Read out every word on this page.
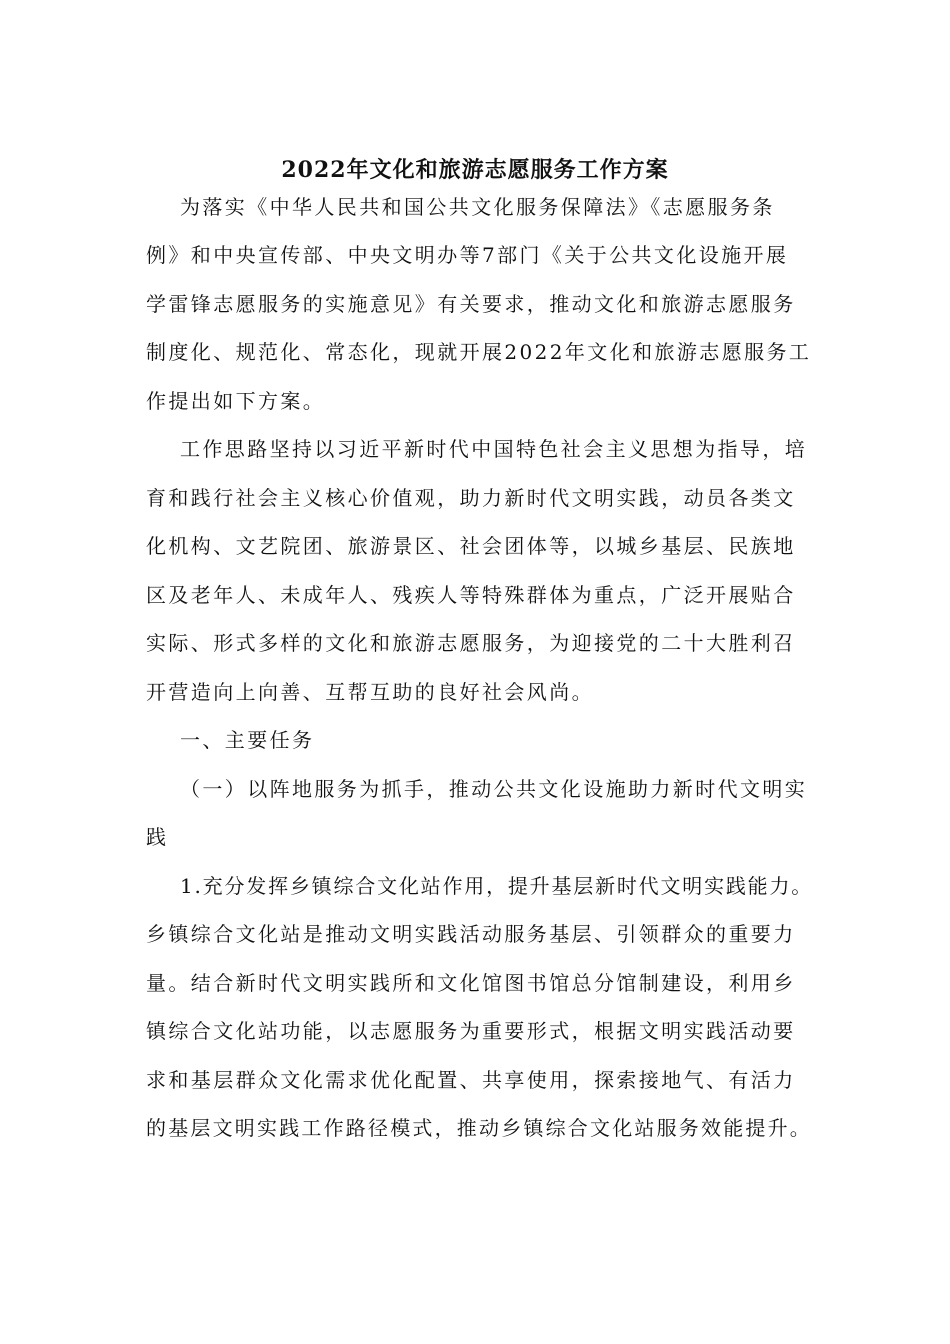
2022年文化和旅游志愿服务工作方案
为落实《中华人民共和国公共文化服务保障法》《志愿服务条
例》和中央宣传部、中央文明办等7部门《关于公共文化设施开展
学雷锋志愿服务的实施意见》有关要求，推动文化和旅游志愿服务
制度化、规范化、常态化，现就开展2022年文化和旅游志愿服务工
作提出如下方案。
工作思路坚持以习近平新时代中国特色社会主义思想为指导，培
育和践行社会主义核心价值观，助力新时代文明实践，动员各类文
化机构、文艺院团、旅游景区、社会团体等，以城乡基层、民族地
区及老年人、未成年人、残疾人等特殊群体为重点，广泛开展贴合
实际、形式多样的文化和旅游志愿服务，为迎接党的二十大胜利召
开营造向上向善、互帮互助的良好社会风尚。
一、主要任务
（一）以阵地服务为抓手，推动公共文化设施助力新时代文明实
践
1.充分发挥乡镇综合文化站作用，提升基层新时代文明实践能力。
乡镇综合文化站是推动文明实践活动服务基层、引领群众的重要力
量。结合新时代文明实践所和文化馆图书馆总分馆制建设，利用乡
镇综合文化站功能，以志愿服务为重要形式，根据文明实践活动要
求和基层群众文化需求优化配置、共享使用，探索接地气、有活力
的基层文明实践工作路径模式，推动乡镇综合文化站服务效能提升。
